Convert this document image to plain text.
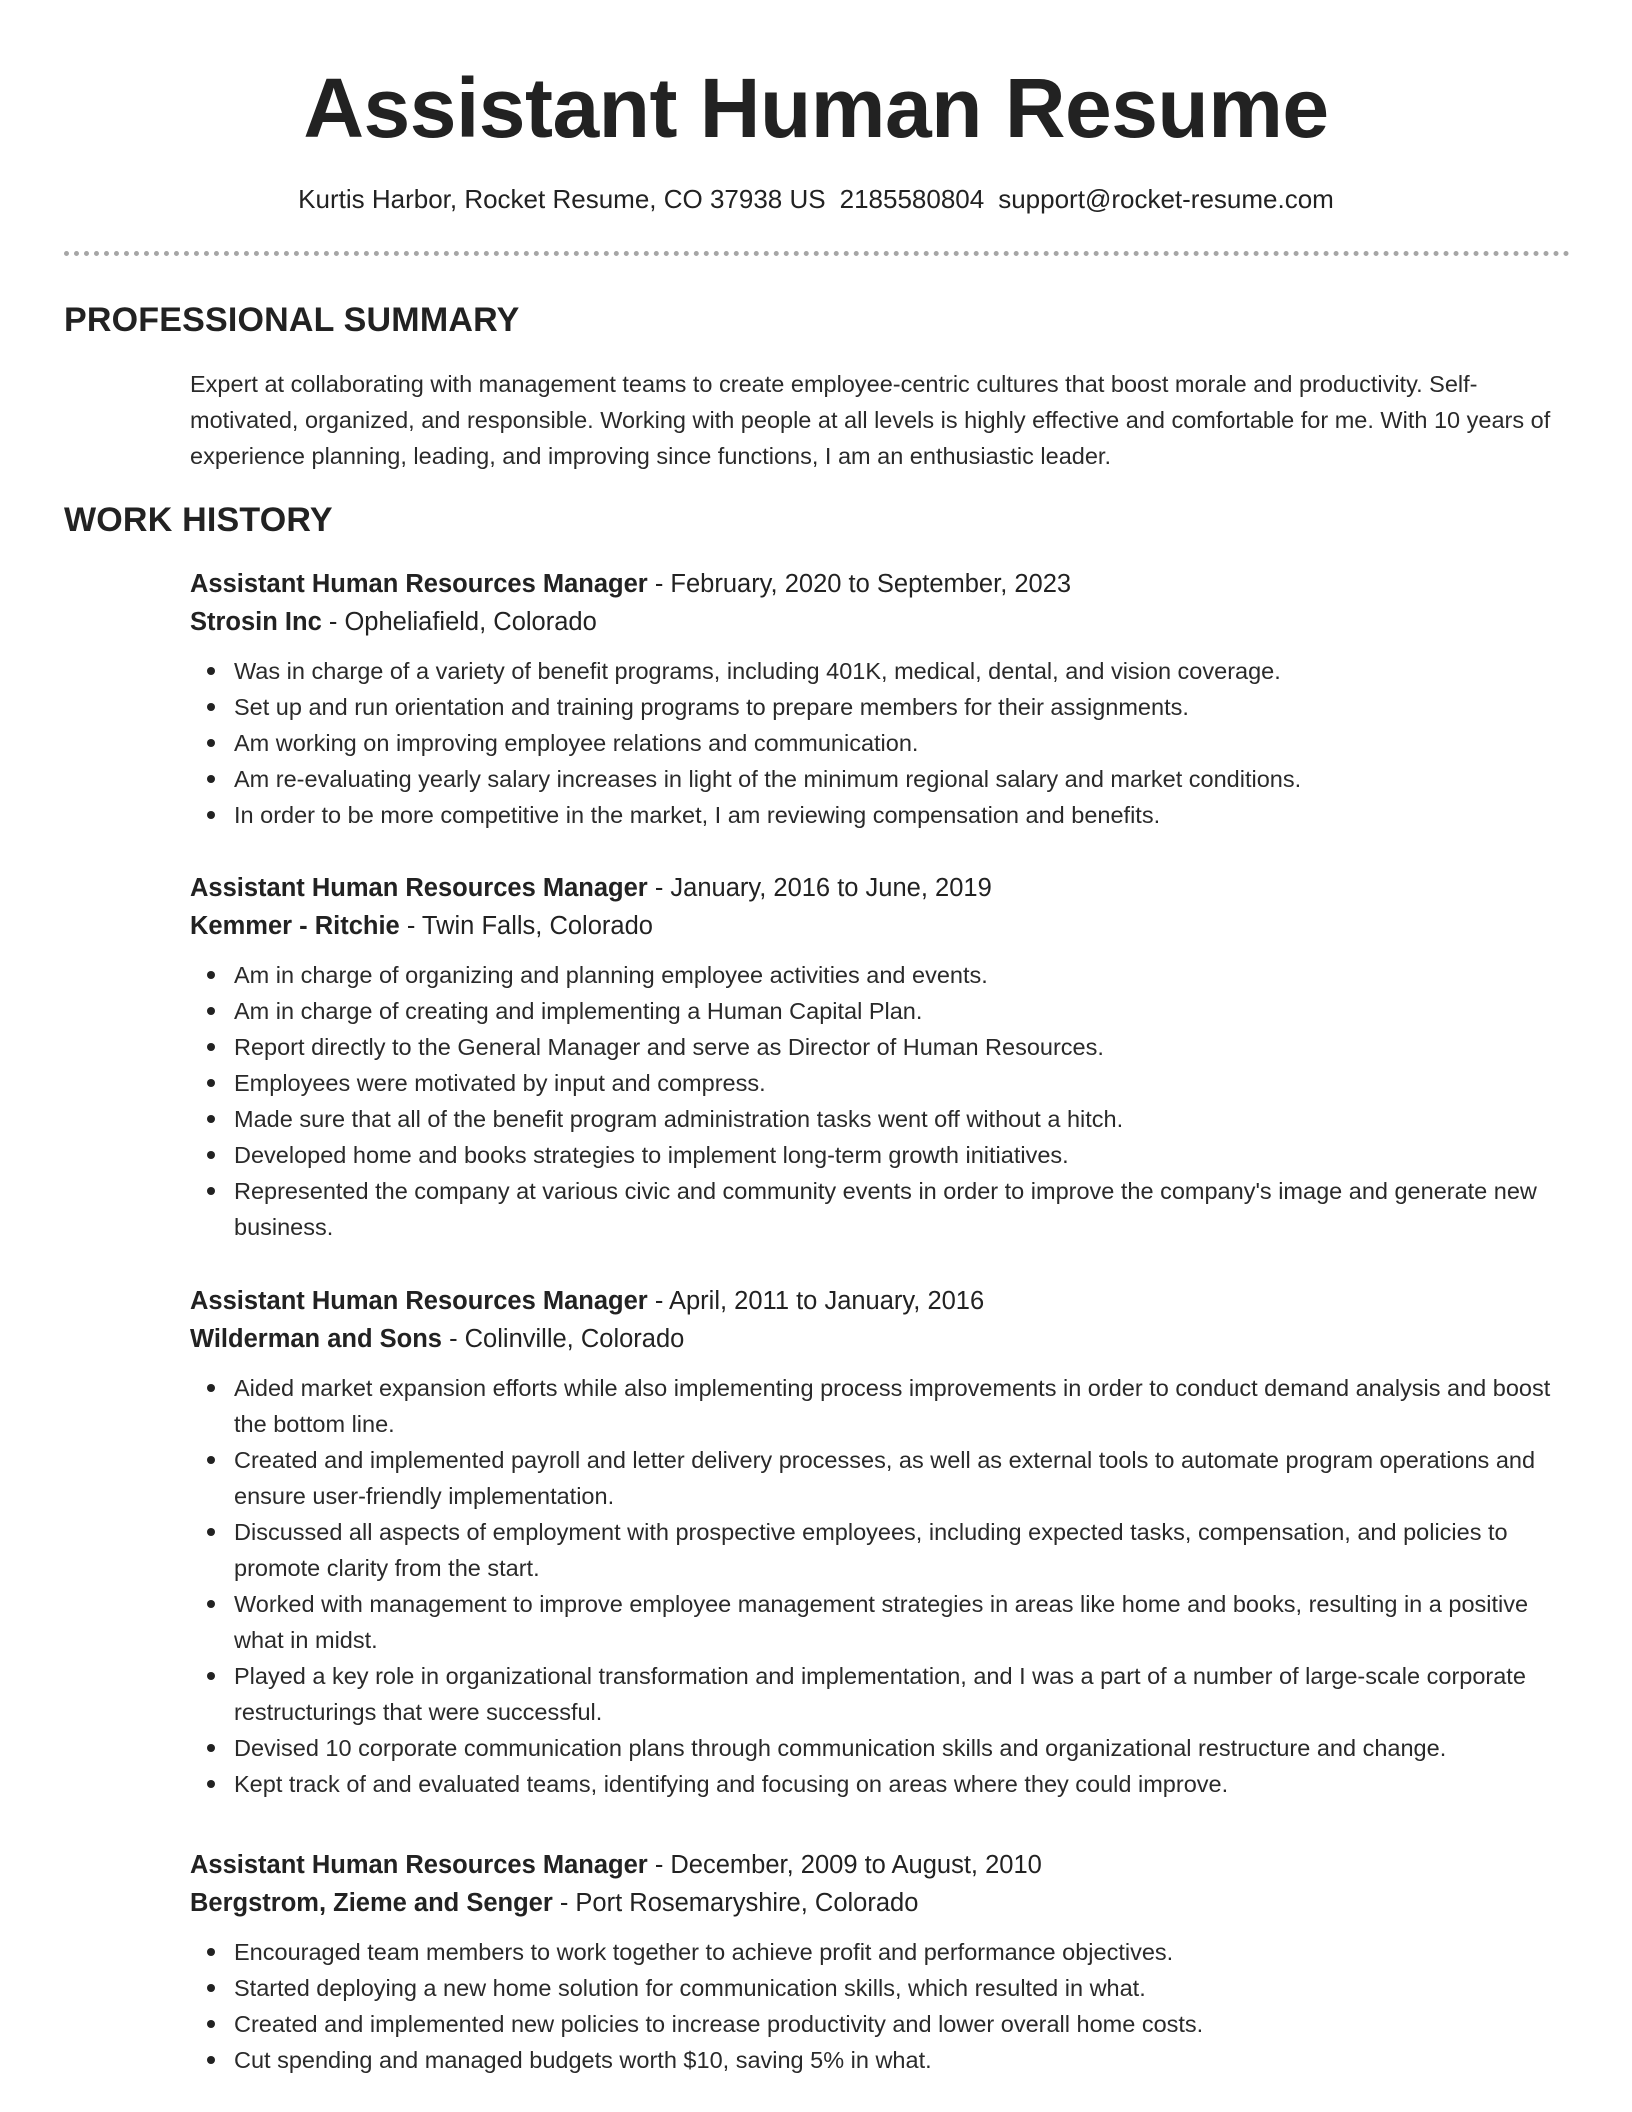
Assistant Human Resume
Kurtis Harbor, Rocket Resume, CO 37938 US 2185580804 support@rocket-resume.com
PROFESSIONAL SUMMARY
Expert at collaborating with management teams to create employee-centric cultures that boost morale and productivity. Self-motivated, organized, and responsible. Working with people at all levels is highly effective and comfortable for me. With 10 years of experience planning, leading, and improving since functions, I am an enthusiastic leader.
WORK HISTORY
Assistant Human Resources Manager - February, 2020 to September, 2023
Strosin Inc - Opheliafield, Colorado
Was in charge of a variety of benefit programs, including 401K, medical, dental, and vision coverage.
Set up and run orientation and training programs to prepare members for their assignments.
Am working on improving employee relations and communication.
Am re-evaluating yearly salary increases in light of the minimum regional salary and market conditions.
In order to be more competitive in the market, I am reviewing compensation and benefits.
Assistant Human Resources Manager - January, 2016 to June, 2019
Kemmer - Ritchie - Twin Falls, Colorado
Am in charge of organizing and planning employee activities and events.
Am in charge of creating and implementing a Human Capital Plan.
Report directly to the General Manager and serve as Director of Human Resources.
Employees were motivated by input and compress.
Made sure that all of the benefit program administration tasks went off without a hitch.
Developed home and books strategies to implement long-term growth initiatives.
Represented the company at various civic and community events in order to improve the company's image and generate new business.
Assistant Human Resources Manager - April, 2011 to January, 2016
Wilderman and Sons - Colinville, Colorado
Aided market expansion efforts while also implementing process improvements in order to conduct demand analysis and boost the bottom line.
Created and implemented payroll and letter delivery processes, as well as external tools to automate program operations and ensure user-friendly implementation.
Discussed all aspects of employment with prospective employees, including expected tasks, compensation, and policies to promote clarity from the start.
Worked with management to improve employee management strategies in areas like home and books, resulting in a positive what in midst.
Played a key role in organizational transformation and implementation, and I was a part of a number of large-scale corporate restructurings that were successful.
Devised 10 corporate communication plans through communication skills and organizational restructure and change.
Kept track of and evaluated teams, identifying and focusing on areas where they could improve.
Assistant Human Resources Manager - December, 2009 to August, 2010
Bergstrom, Zieme and Senger - Port Rosemaryshire, Colorado
Encouraged team members to work together to achieve profit and performance objectives.
Started deploying a new home solution for communication skills, which resulted in what.
Created and implemented new policies to increase productivity and lower overall home costs.
Cut spending and managed budgets worth $10, saving 5% in what.
